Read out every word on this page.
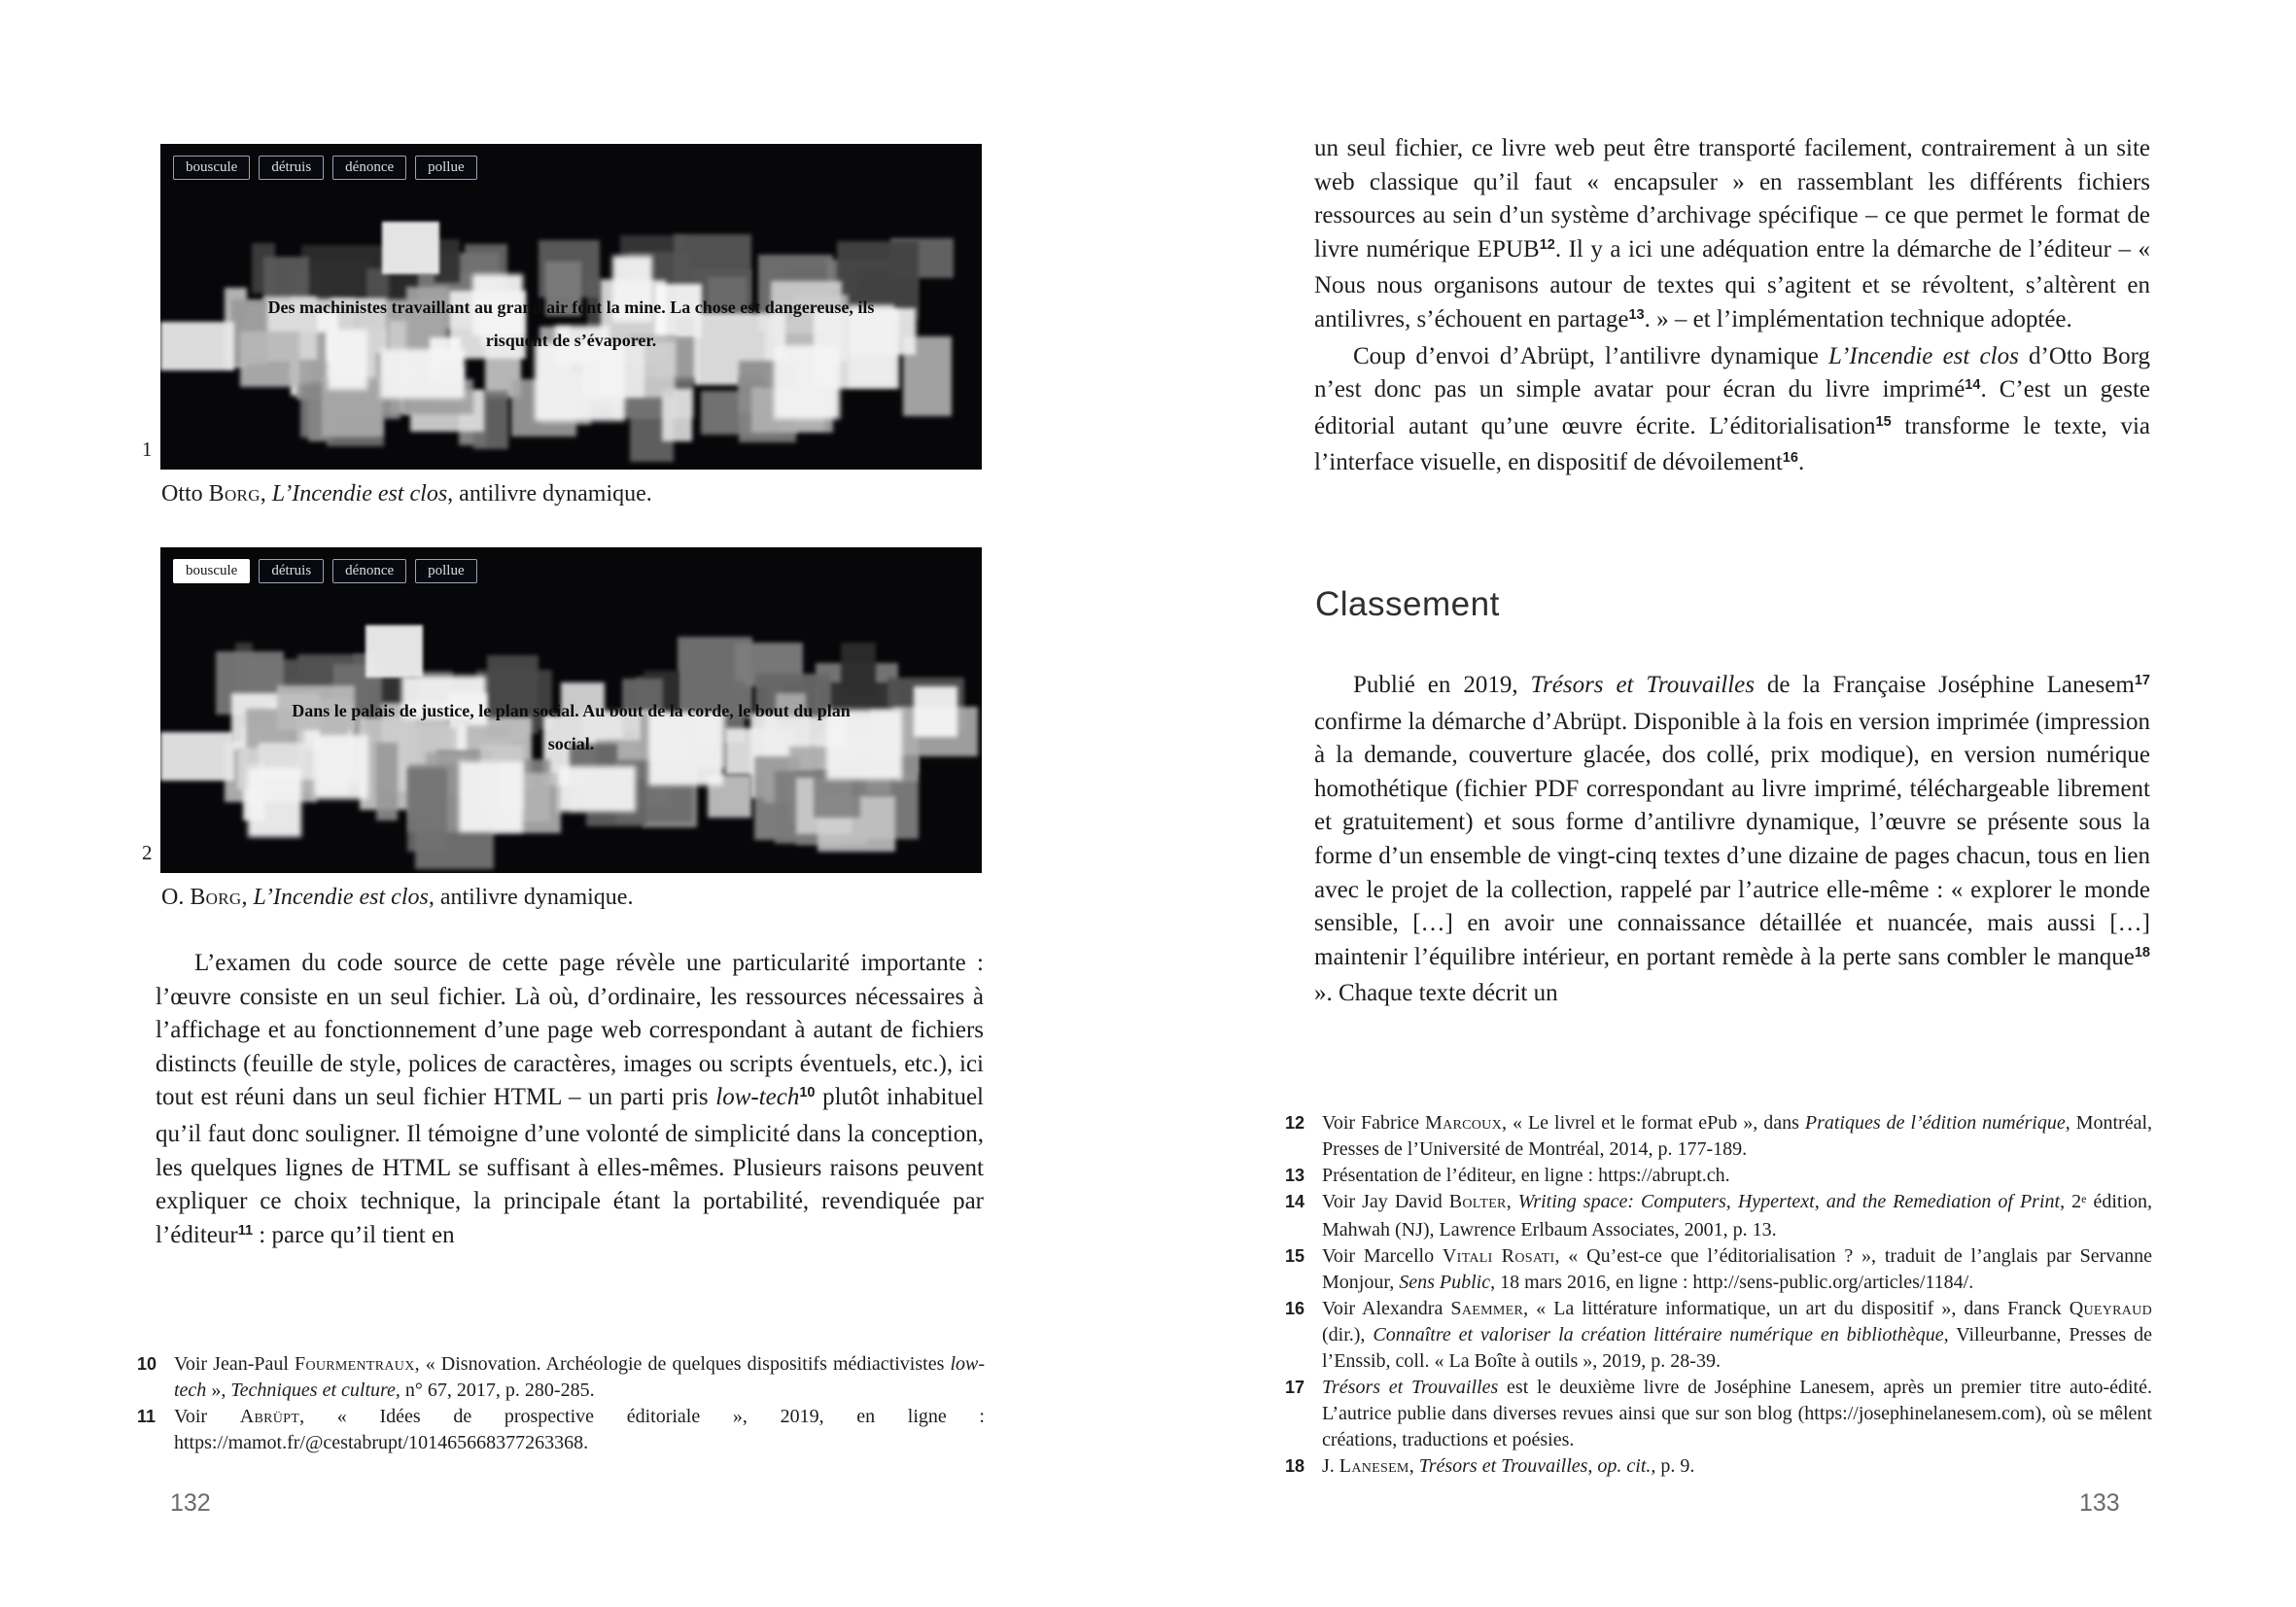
Des machinistes travaillant au grand air font la mine. La chose est dangereuse, ils risquent de s’évaporer.
bouscule	détruis	dénonce	pollue
1
Otto Borg, L’Incendie est clos, antilivre dynamique.
Dans le palais de justice, le plan social. Au bout de la corde, le bout du plan social.
bouscule	détruis	dénonce	pollue
2
O. Borg, L’Incendie est clos, antilivre dynamique.
L’examen du code source de cette page révèle une particularité importante : l’œuvre consiste en un seul fichier. Là où, d’ordinaire, les ressources nécessaires à l’affichage et au fonctionnement d’une page web correspondant à autant de fichiers distincts (feuille de style, polices de caractères, images ou scripts éventuels, etc.), ici tout est réuni dans un seul fichier HTML – un parti pris low-tech$^{10}$ plutôt inhabituel qu’il faut donc souligner. Il témoigne d’une volonté de simplicité dans la conception, les quelques lignes de HTML se suffisant à elles-mêmes. Plusieurs raisons peuvent expliquer ce choix technique, la principale étant la portabilité, revendiquée par l’éditeur$^{11}$ : parce qu’il tient en
10 Voir Jean-Paul Fourmentraux, « Disnovation. Archéologie de quelques dispositifs médiactivistes low-tech », Techniques et culture, n° 67, 2017, p. 280-285.
11 Voir Abrüpt, « Idées de prospective éditoriale », 2019, en ligne : https://mamot.fr/@cestabrupt/101465668377263368.
132
un seul fichier, ce livre web peut être transporté facilement, contrairement à un site web classique qu’il faut « encapsuler » en rassemblant les différents fichiers ressources au sein d’un système d’archivage spécifique – ce que permet le format de livre numérique EPUB$^{12}$. Il y a ici une adéquation entre la démarche de l’éditeur – « Nous nous organisons autour de textes qui s’agitent et se révoltent, s’altèrent en antilivres, s’échouent en partage$^{13}$. » – et l’implémentation technique adoptée.
Coup d’envoi d’Abrüpt, l’antilivre dynamique L’Incendie est clos d’Otto Borg n’est donc pas un simple avatar pour écran du livre imprimé$^{14}$. C’est un geste éditorial autant qu’une œuvre écrite. L’éditorialisation$^{15}$ transforme le texte, via l’interface visuelle, en dispositif de dévoilement$^{16}$.
Classement
Publié en 2019, Trésors et Trouvailles de la Française Joséphine Lanesem$^{17}$ confirme la démarche d’Abrüpt. Disponible à la fois en version imprimée (impression à la demande, couverture glacée, dos collé, prix modique), en version numérique homothétique (fichier PDF correspondant au livre imprimé, téléchargeable librement et gratuitement) et sous forme d’antilivre dynamique, l’œuvre se présente sous la forme d’un ensemble de vingt-cinq textes d’une dizaine de pages chacun, tous en lien avec le projet de la collection, rappelé par l’autrice elle-même : « explorer le monde sensible, […] en avoir une connaissance détaillée et nuancée, mais aussi […] maintenir l’équilibre intérieur, en portant remède à la perte sans combler le manque$^{18}$ ». Chaque texte décrit un
12 Voir Fabrice Marcoux, « Le livrel et le format ePub », dans Pratiques de l’édition numérique, Montréal, Presses de l’Université de Montréal, 2014, p. 177-189.
13 Présentation de l’éditeur, en ligne : https://abrupt.ch.
14 Voir Jay David Bolter, Writing space: Computers, Hypertext, and the Remediation of Print, 2e édition, Mahwah (NJ), Lawrence Erlbaum Associates, 2001, p. 13.
15 Voir Marcello Vitali Rosati, « Qu’est-ce que l’éditorialisation ? », traduit de l’anglais par Servanne Monjour, Sens Public, 18 mars 2016, en ligne : http://sens-public.org/articles/1184/.
16 Voir Alexandra Saemmer, « La littérature informatique, un art du dispositif », dans Franck Queyraud (dir.), Connaître et valoriser la création littéraire numérique en bibliothèque, Villeurbanne, Presses de l’Enssib, coll. « La Boîte à outils », 2019, p. 28-39.
17 Trésors et Trouvailles est le deuxième livre de Joséphine Lanesem, après un premier titre auto-édité. L’autrice publie dans diverses revues ainsi que sur son blog (https://josephinelanesem.com), où se mêlent créations, traductions et poésies.
18 J. Lanesem, Trésors et Trouvailles, op. cit., p. 9.
133
